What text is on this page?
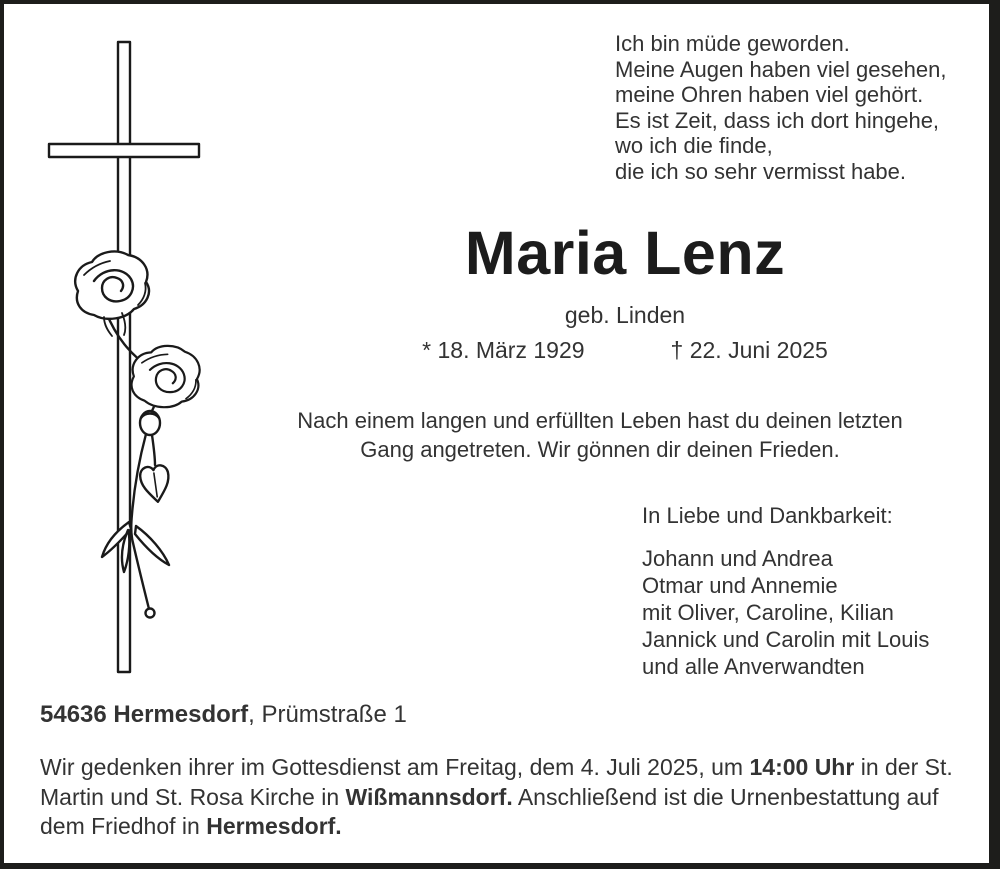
Ich bin müde geworden.
Meine Augen haben viel gesehen,
meine Ohren haben viel gehört.
Es ist Zeit, dass ich dort hingehe,
wo ich die finde,
die ich so sehr vermisst habe.
Maria Lenz
geb. Linden
* 18. März 1929	† 22. Juni 2025
Nach einem langen und erfüllten Leben hast du deinen letzten
Gang angetreten. Wir gönnen dir deinen Frieden.
In Liebe und Dankbarkeit:
Johann und Andrea
Otmar und Annemie
mit Oliver, Caroline, Kilian
Jannick und Carolin mit Louis
und alle Anverwandten
54636 Hermesdorf, Prümstraße 1
Wir gedenken ihrer im Gottesdienst am Freitag, dem 4. Juli 2025, um 14:00 Uhr in der St. Martin und St. Rosa Kirche in Wißmannsdorf. Anschließend ist die Urnenbestattung auf dem Friedhof in Hermesdorf.
